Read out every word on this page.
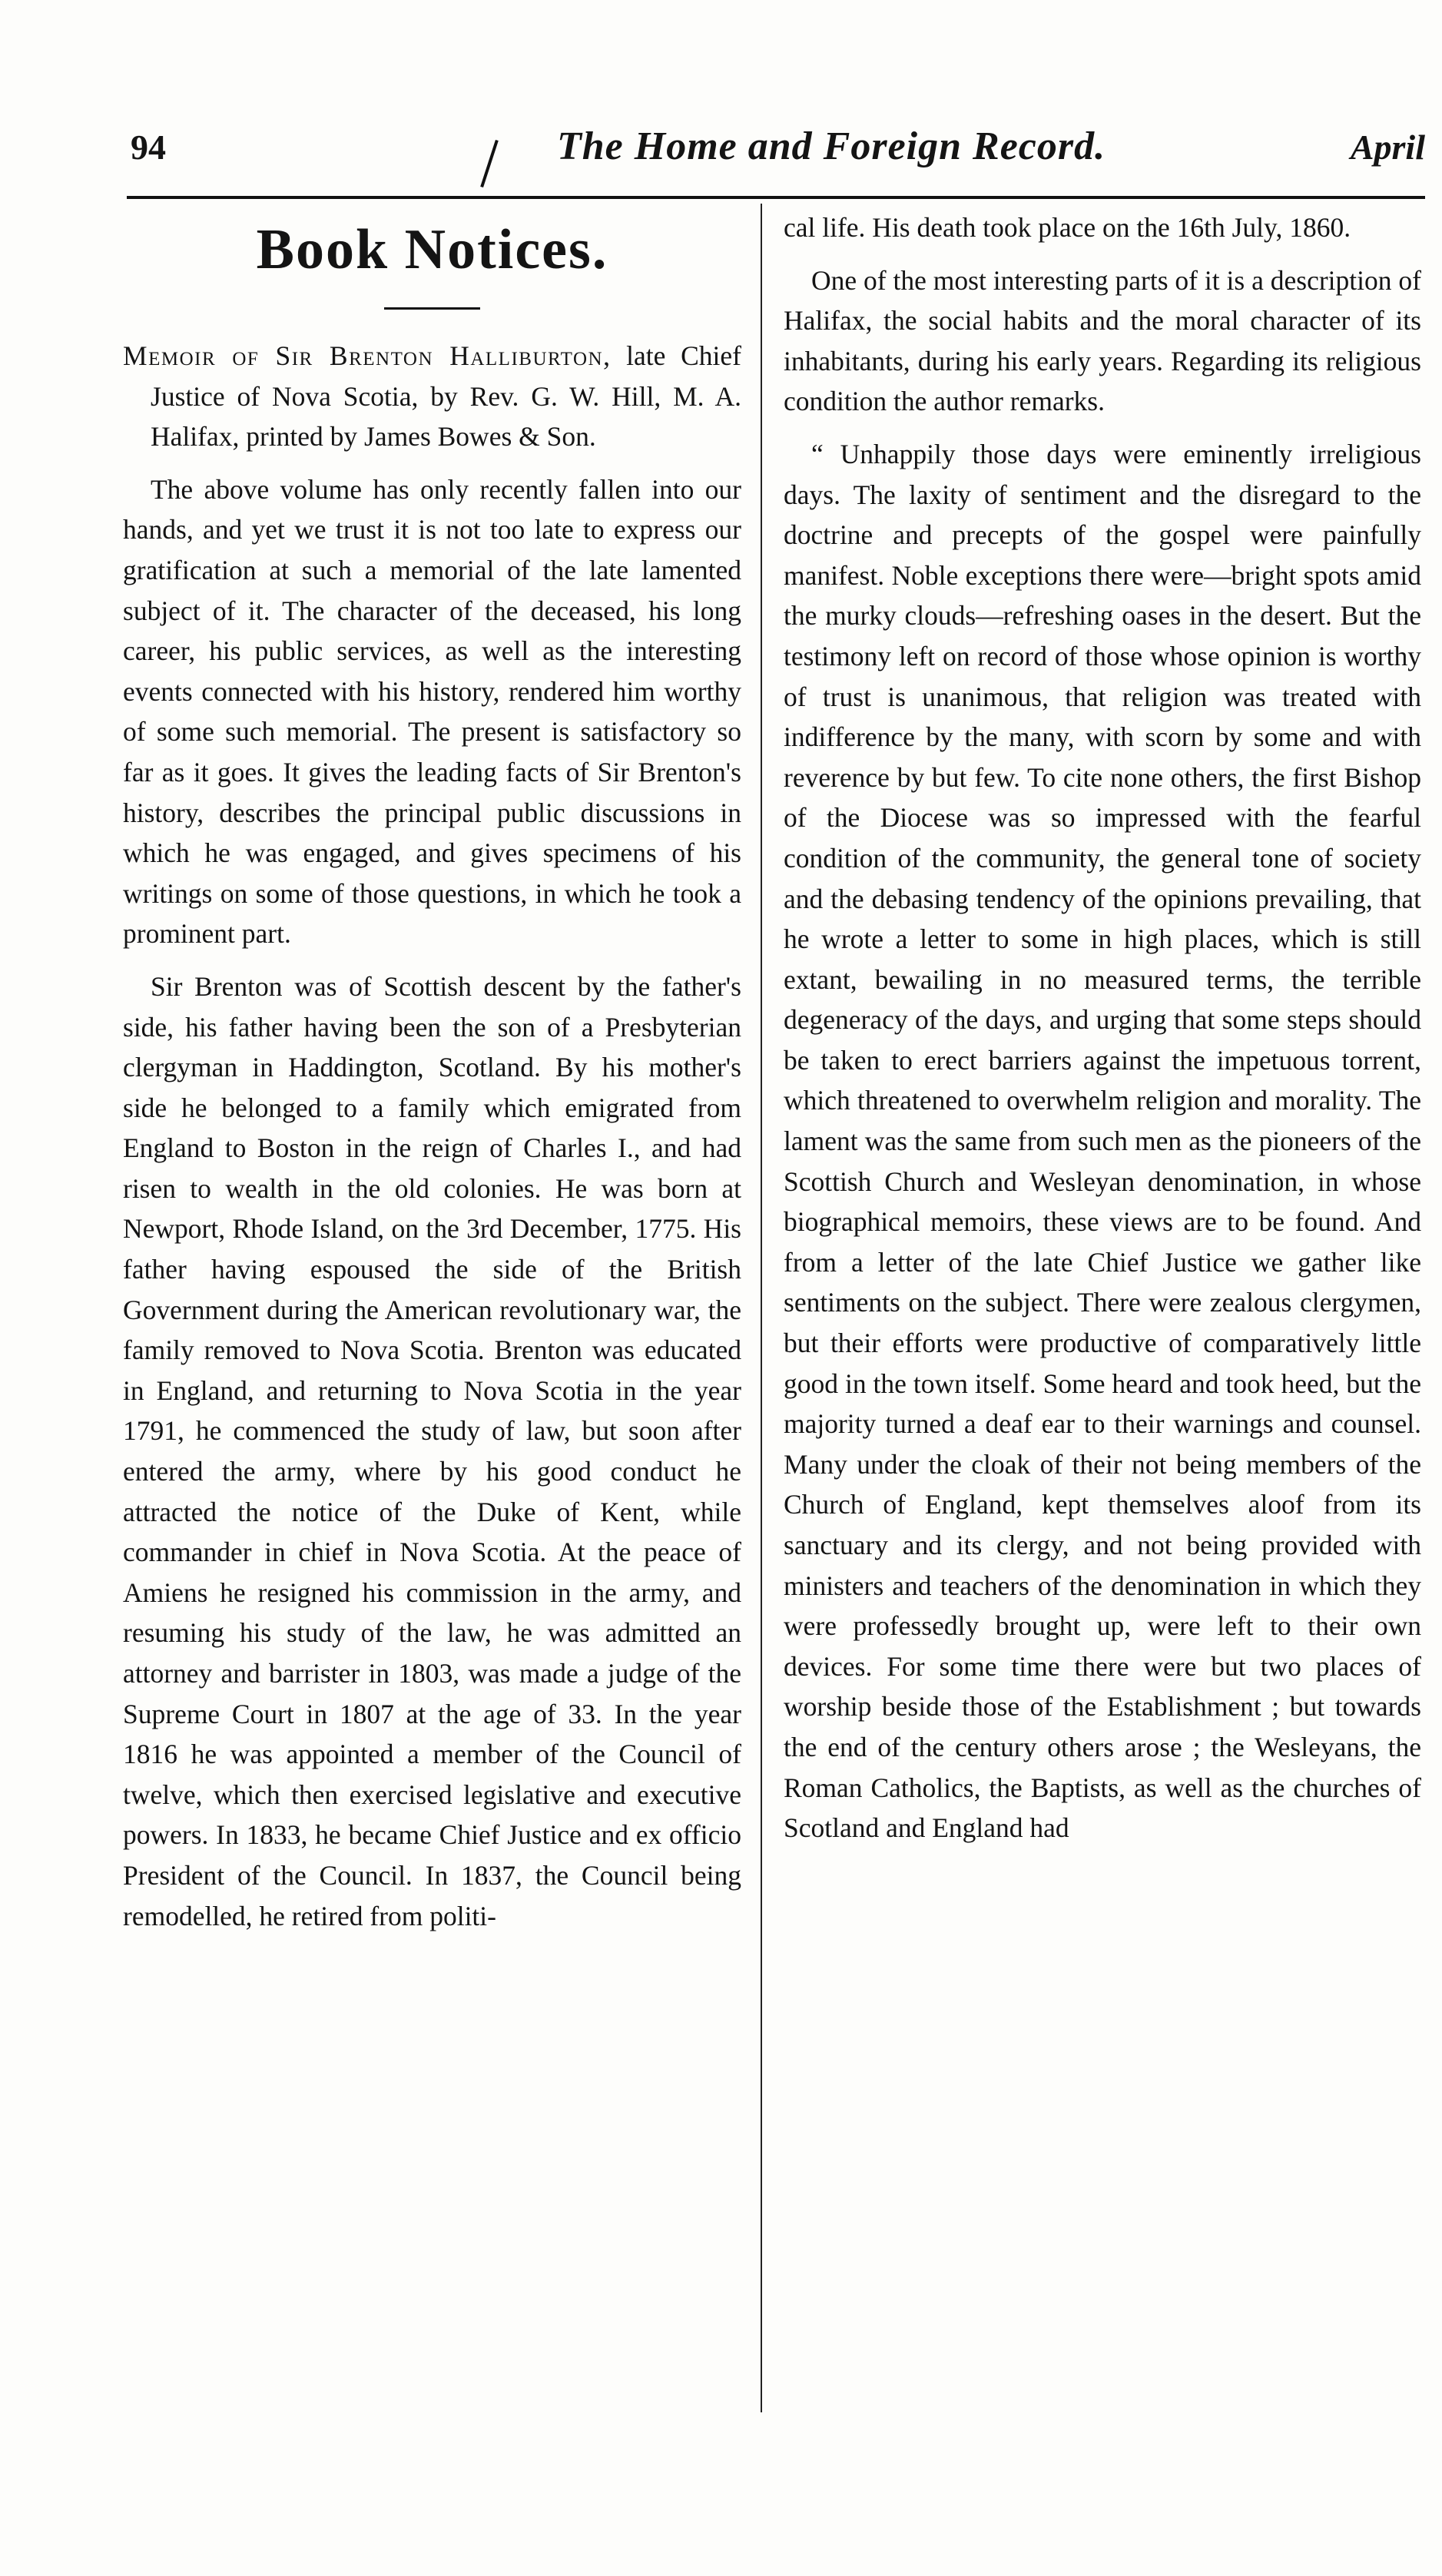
94	The Home and Foreign Record.	April
Book Notices.

Memoir of Sir Brenton Halliburton, late Chief Justice of Nova Scotia, by Rev. G. W. Hill, M. A. Halifax, printed by James Bowes & Son.

The above volume has only recently fallen into our hands, and yet we trust it is not too late to express our gratification at such a memorial of the late lamented subject of it. The character of the deceased, his long career, his public services, as well as the interesting events connected with his history, rendered him worthy of some such memorial. The present is satisfactory so far as it goes. It gives the leading facts of Sir Brenton's history, describes the principal public discussions in which he was engaged, and gives specimens of his writings on some of those questions, in which he took a prominent part.

Sir Brenton was of Scottish descent by the father's side, his father having been the son of a Presbyterian clergyman in Haddington, Scotland. By his mother's side he belonged to a family which emigrated from England to Boston in the reign of Charles I., and had risen to wealth in the old colonies. He was born at Newport, Rhode Island, on the 3rd December, 1775. His father having espoused the side of the British Government during the American revolutionary war, the family removed to Nova Scotia. Brenton was educated in England, and returning to Nova Scotia in the year 1791, he commenced the study of law, but soon after entered the army, where by his good conduct he attracted the notice of the Duke of Kent, while commander in chief in Nova Scotia. At the peace of Amiens he resigned his commission in the army, and resuming his study of the law, he was admitted an attorney and barrister in 1803, was made a judge of the Supreme Court in 1807 at the age of 33. In the year 1816 he was appointed a member of the Council of twelve, which then exercised legislative and executive powers. In 1833, he became Chief Justice and ex officio President of the Council. In 1837, the Council being remodelled, he retired from politi-

cal life. His death took place on the 16th July, 1860.

One of the most interesting parts of it is a description of Halifax, the social habits and the moral character of its inhabitants, during his early years. Regarding its religious condition the author remarks.

“ Unhappily those days were eminently irreligious days. The laxity of sentiment and the disregard to the doctrine and precepts of the gospel were painfully manifest. Noble exceptions there were—bright spots amid the murky clouds—refreshing oases in the desert. But the testimony left on record of those whose opinion is worthy of trust is unanimous, that religion was treated with indifference by the many, with scorn by some and with reverence by but few. To cite none others, the first Bishop of the Diocese was so impressed with the fearful condition of the community, the general tone of society and the debasing tendency of the opinions prevailing, that he wrote a letter to some in high places, which is still extant, bewailing in no measured terms, the terrible degeneracy of the days, and urging that some steps should be taken to erect barriers against the impetuous torrent, which threatened to overwhelm religion and morality. The lament was the same from such men as the pioneers of the Scottish Church and Wesleyan denomination, in whose biographical memoirs, these views are to be found. And from a letter of the late Chief Justice we gather like sentiments on the subject. There were zealous clergymen, but their efforts were productive of comparatively little good in the town itself. Some heard and took heed, but the majority turned a deaf ear to their warnings and counsel. Many under the cloak of their not being members of the Church of England, kept themselves aloof from its sanctuary and its clergy, and not being provided with ministers and teachers of the denomination in which they were professedly brought up, were left to their own devices. For some time there were but two places of worship beside those of the Establishment ; but towards the end of the century others arose ; the Wesleyans, the Roman Catholics, the Baptists, as well as the churches of Scotland and England had
